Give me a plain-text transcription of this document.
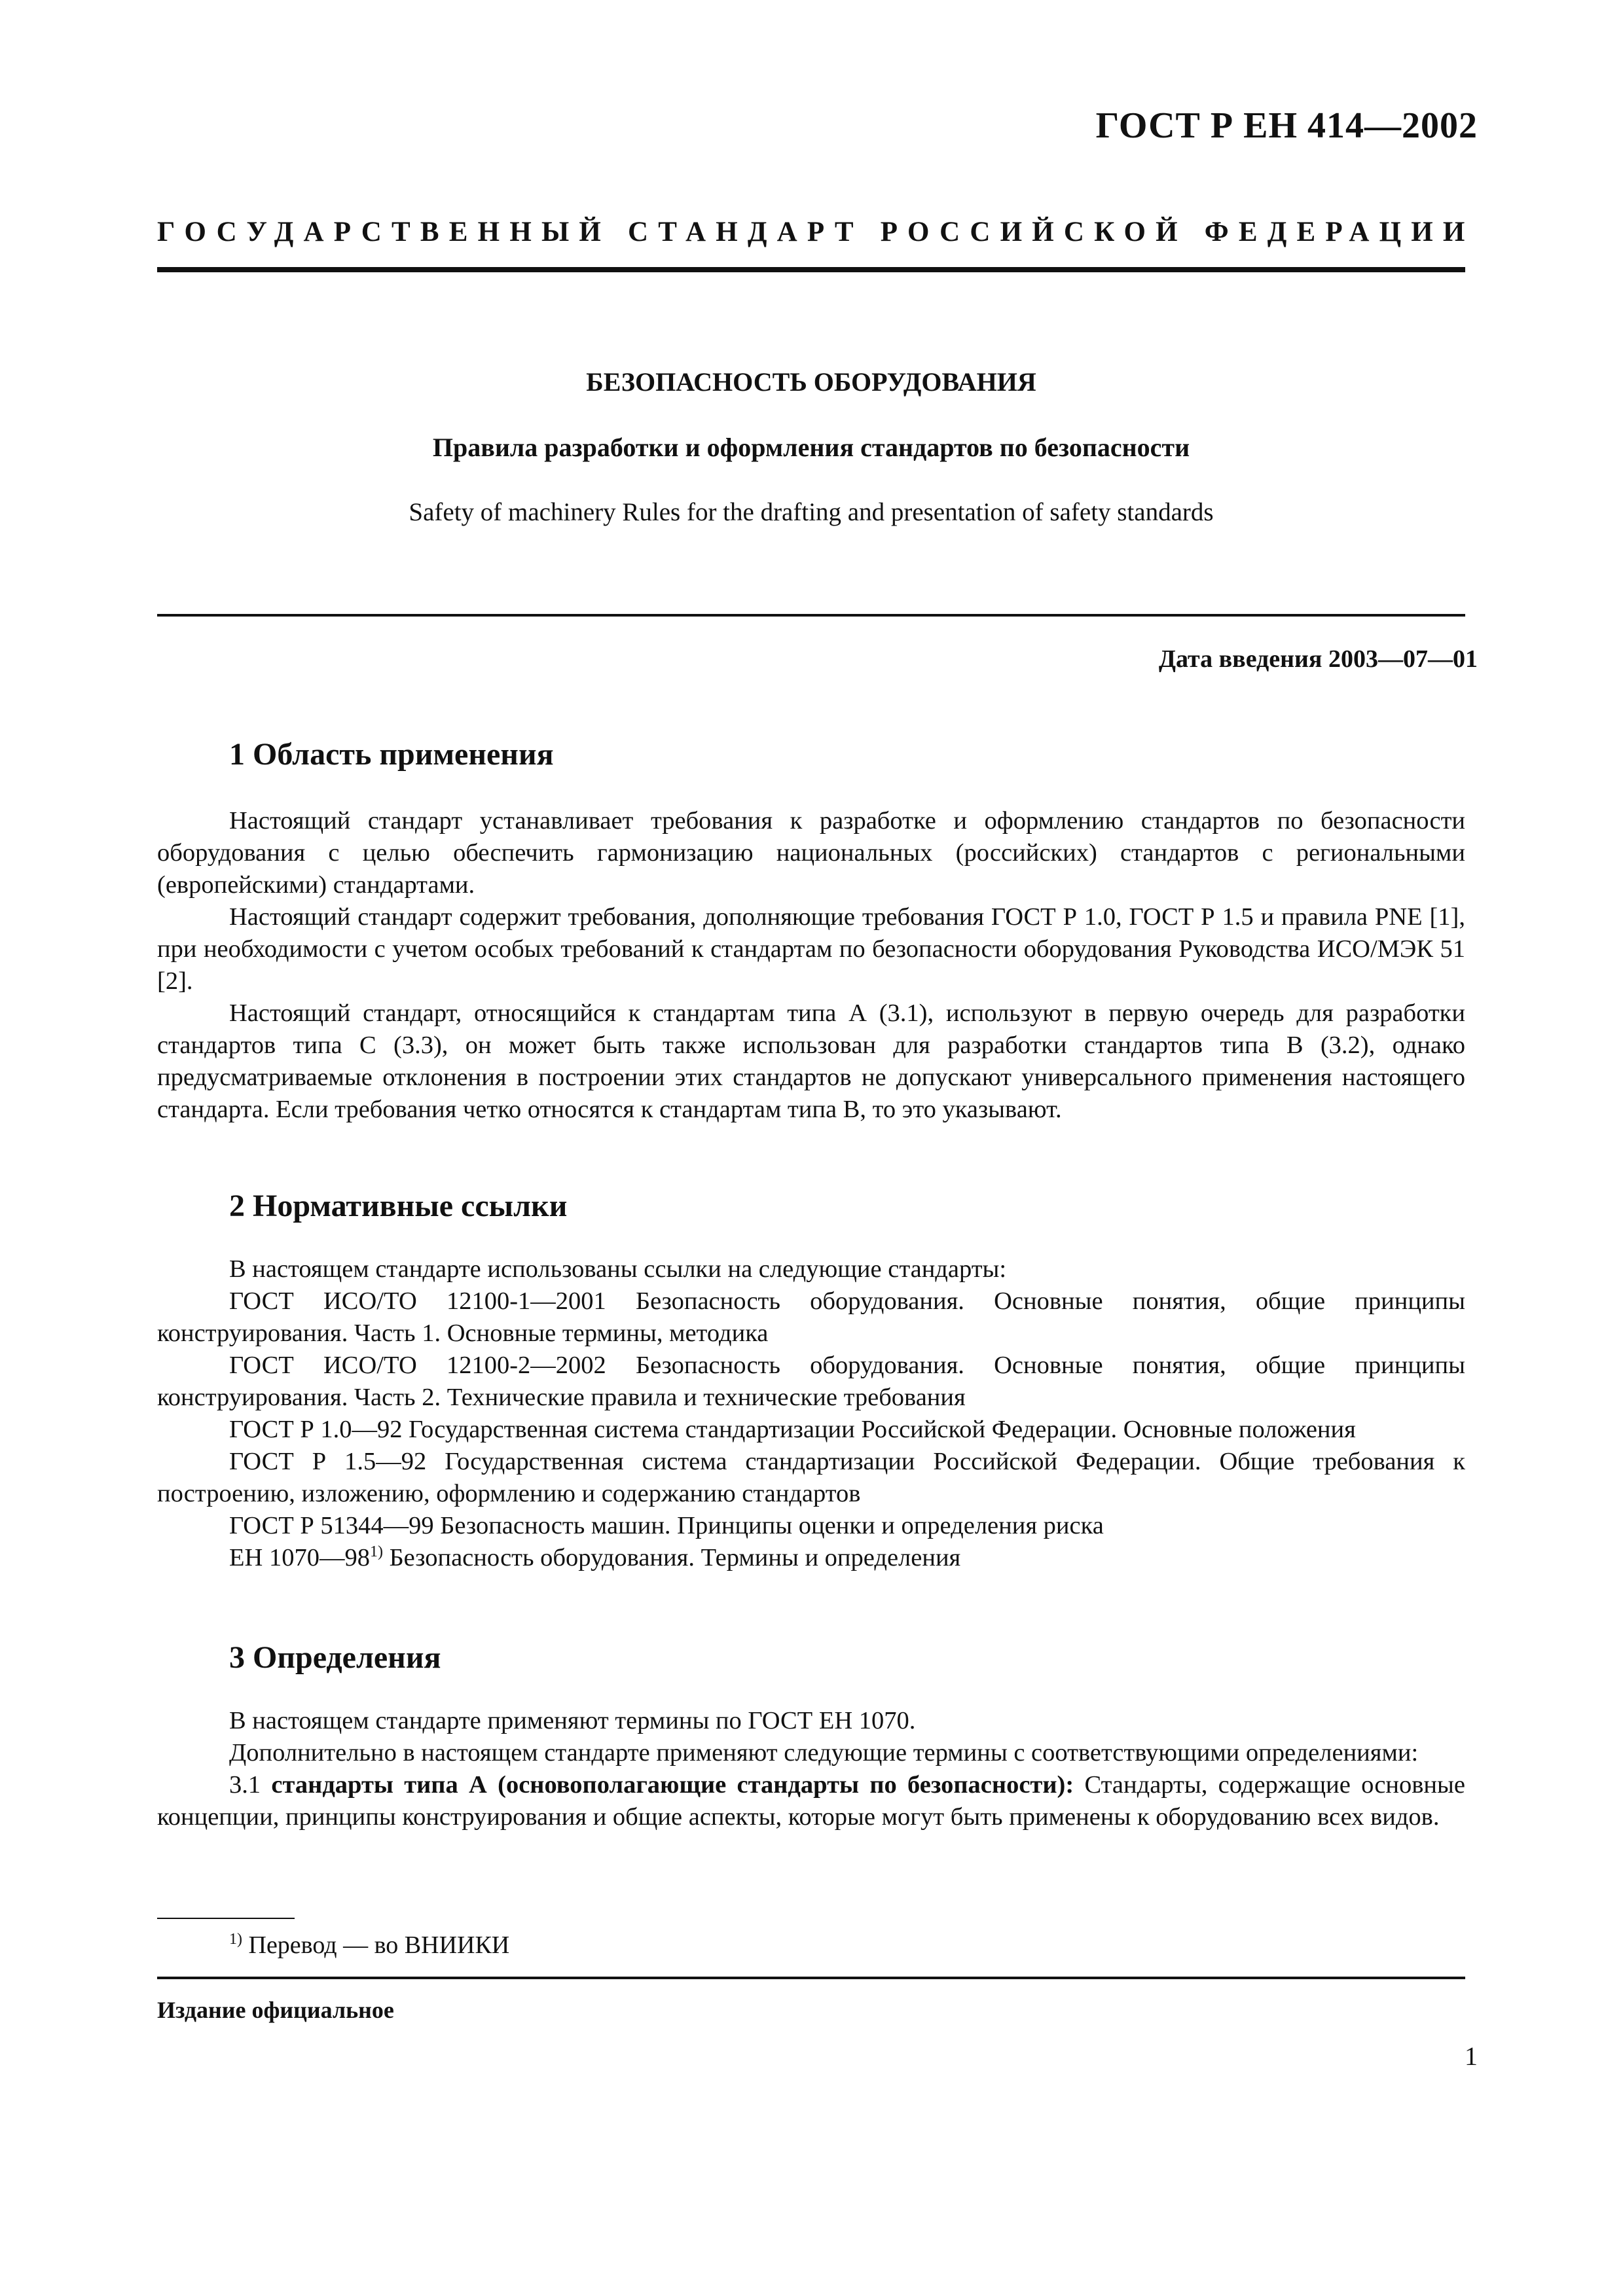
ГОСТ Р ЕН 414—2002
ГОСУДАРСТВЕННЫЙ СТАНДАРТ РОССИЙСКОЙ ФЕДЕРАЦИИ
БЕЗОПАСНОСТЬ ОБОРУДОВАНИЯ
Правила разработки и оформления стандартов по безопасности
Safety of machinery Rules for the drafting and presentation of safety standards
Дата введения 2003—07—01
1 Область применения

Настоящий стандарт устанавливает требования к разработке и оформлению стандартов по безопасности оборудования с целью обеспечить гармонизацию национальных (российских) стандартов с региональными (европейскими) стандартами.

Настоящий стандарт содержит требования, дополняющие требования ГОСТ Р 1.0, ГОСТ Р 1.5 и правила PNE [1], при необходимости с учетом особых требований к стандартам по безопасности оборудования Руководства ИСО/МЭК 51 [2].

Настоящий стандарт, относящийся к стандартам типа А (3.1), используют в первую очередь для разработки стандартов типа С (3.3), он может быть также использован для разработки стандартов типа В (3.2), однако предусматриваемые отклонения в построении этих стандартов не допускают универсального применения настоящего стандарта. Если требования четко относятся к стандартам типа В, то это указывают.

2 Нормативные ссылки

В настоящем стандарте использованы ссылки на следующие стандарты:

ГОСТ ИСО/ТО 12100-1—2001 Безопасность оборудования. Основные понятия, общие принципы конструирования. Часть 1. Основные термины, методика

ГОСТ ИСО/ТО 12100-2—2002 Безопасность оборудования. Основные понятия, общие принципы конструирования. Часть 2. Технические правила и технические требования

ГОСТ Р 1.0—92 Государственная система стандартизации Российской Федерации. Основные положения

ГОСТ Р 1.5—92 Государственная система стандартизации Российской Федерации. Общие требования к построению, изложению, оформлению и содержанию стандартов

ГОСТ Р 51344—99 Безопасность машин. Принципы оценки и определения риска

ЕН 1070—98$^{1)}$ Безопасность оборудования. Термины и определения

3 Определения

В настоящем стандарте применяют термины по ГОСТ ЕН 1070.

Дополнительно в настоящем стандарте применяют следующие термины с соответствующими определениями:

3.1 стандарты типа А (основополагающие стандарты по безопасности): Стандарты, содержащие основные концепции, принципы конструирования и общие аспекты, которые могут быть применены к оборудованию всех видов.

$^{1)}$ Перевод — во ВНИИКИ
Издание официальное
1
